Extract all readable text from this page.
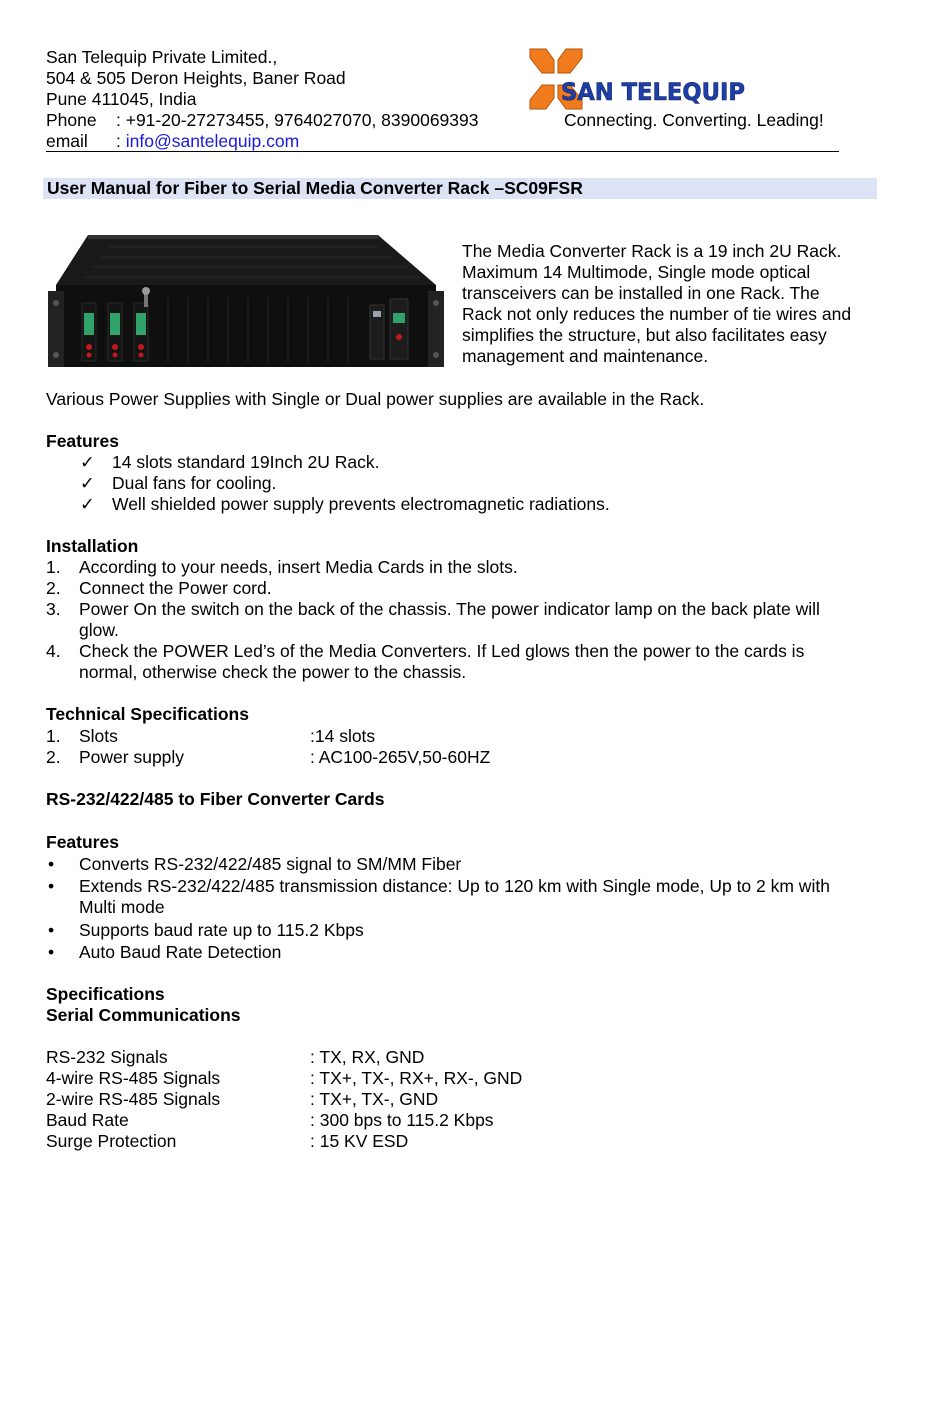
San Telequip Private Limited.,
504 & 505 Deron Heights, Baner Road
Pune 411045, India
Phone : +91-20-27273455, 9764027070, 8390069393
email : info@santelequip.com
SAN TELEQUIP
Connecting. Converting. Leading!
User Manual for Fiber to Serial Media Converter Rack –SC09FSR
The Media Converter Rack is a 19 inch 2U Rack.
Maximum 14 Multimode, Single mode optical
transceivers can be installed in one Rack. The
Rack not only reduces the number of tie wires and
simplifies the structure, but also facilitates easy
management and maintenance.
Various Power Supplies with Single or Dual power supplies are available in the Rack.
Features
✓ 14 slots standard 19Inch 2U Rack.
✓ Dual fans for cooling.
✓ Well shielded power supply prevents electromagnetic radiations.
Installation
1. According to your needs, insert Media Cards in the slots.
2. Connect the Power cord.
3. Power On the switch on the back of the chassis. The power indicator lamp on the back plate will
glow.
4. Check the POWER Led’s of the Media Converters. If Led glows then the power to the cards is
normal, otherwise check the power to the chassis.
Technical Specifications
1. Slots	:14 slots
2. Power supply	: AC100-265V,50-60HZ
RS-232/422/485 to Fiber Converter Cards
Features
• Converts RS-232/422/485 signal to SM/MM Fiber
• Extends RS-232/422/485 transmission distance: Up to 120 km with Single mode, Up to 2 km with
Multi mode
• Supports baud rate up to 115.2 Kbps
• Auto Baud Rate Detection
Specifications
Serial Communications
RS-232 Signals	: TX, RX, GND
4-wire RS-485 Signals	: TX+, TX-, RX+, RX-, GND
2-wire RS-485 Signals	: TX+, TX-, GND
Baud Rate	: 300 bps to 115.2 Kbps
Surge Protection	: 15 KV ESD
